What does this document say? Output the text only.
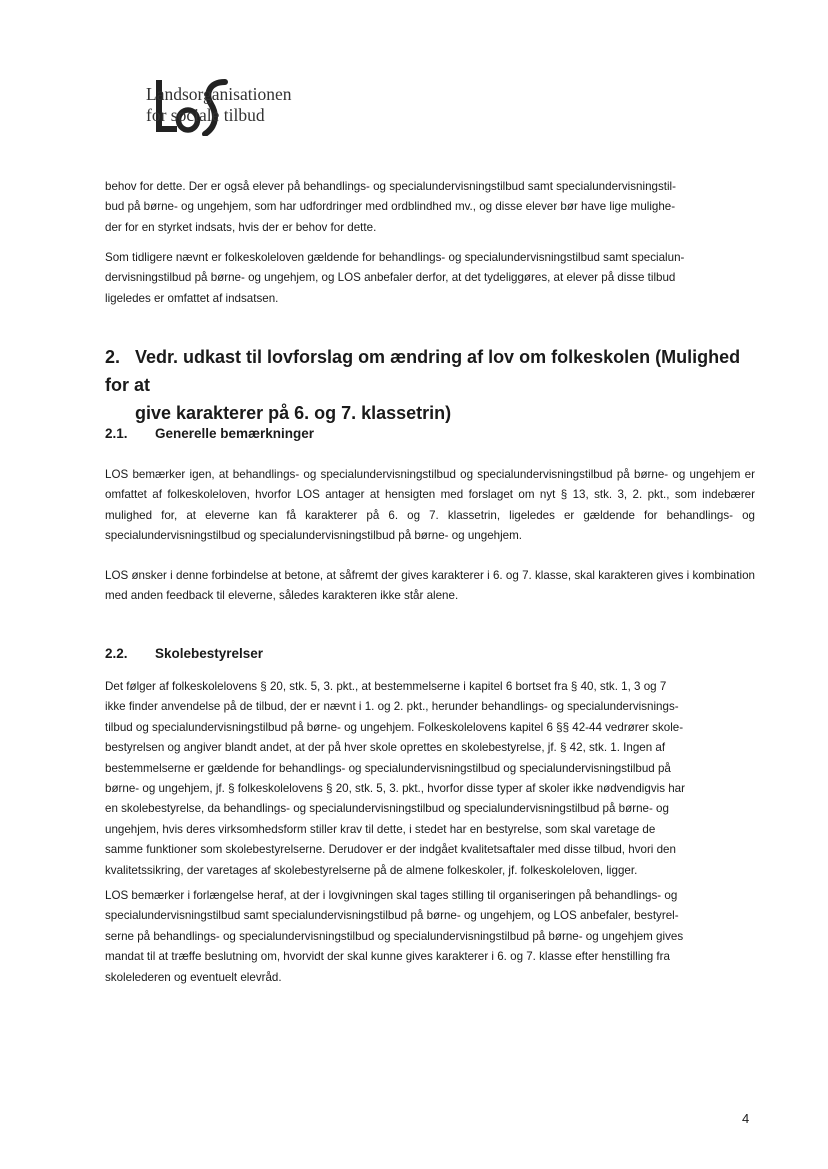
Landsorganisationen
for sociale tilbud
behov for dette. Der er også elever på behandlings- og specialundervisningstilbud samt specialundervisningstil-
bud på børne- og ungehjem, som har udfordringer med ordblindhed mv., og disse elever bør have lige mulighe-
der for en styrket indsats, hvis der er behov for dette.
Som tidligere nævnt er folkeskoleloven gældende for behandlings- og specialundervisningstilbud samt specialun-
dervisningstilbud på børne- og ungehjem, og LOS anbefaler derfor, at det tydeliggøres, at elever på disse tilbud
ligeledes er omfattet af indsatsen.
2. Vedr. udkast til lovforslag om ændring af lov om folkeskolen (Mulighed for at
give karakterer på 6. og 7. klassetrin)
2.1. Generelle bemærkninger

LOS bemærker igen, at behandlings- og specialundervisningstilbud og specialundervisningstilbud på børne- og ungehjem er omfattet af folkeskoleloven, hvorfor LOS antager at hensigten med forslaget om nyt § 13, stk. 3, 2. pkt., som indebærer mulighed for, at eleverne kan få karakterer på 6. og 7. klassetrin, ligeledes er gældende for behandlings- og specialundervisningstilbud og specialundervisningstilbud på børne- og ungehjem.

LOS ønsker i denne forbindelse at betone, at såfremt der gives karakterer i 6. og 7. klasse, skal karakteren gives i kombination med anden feedback til eleverne, således karakteren ikke står alene.

2.2. Skolebestyrelser
Det følger af folkeskolelovens § 20, stk. 5, 3. pkt., at bestemmelserne i kapitel 6 bortset fra § 40, stk. 1, 3 og 7
ikke finder anvendelse på de tilbud, der er nævnt i 1. og 2. pkt., herunder behandlings- og specialundervisnings-
tilbud og specialundervisningstilbud på børne- og ungehjem. Folkeskolelovens kapitel 6 §§ 42-44 vedrører skole-
bestyrelsen og angiver blandt andet, at der på hver skole oprettes en skolebestyrelse, jf. § 42, stk. 1. Ingen af
bestemmelserne er gældende for behandlings- og specialundervisningstilbud og specialundervisningstilbud på
børne- og ungehjem, jf. § folkeskolelovens § 20, stk. 5, 3. pkt., hvorfor disse typer af skoler ikke nødvendigvis har
en skolebestyrelse, da behandlings- og specialundervisningstilbud og specialundervisningstilbud på børne- og
ungehjem, hvis deres virksomhedsform stiller krav til dette, i stedet har en bestyrelse, som skal varetage de
samme funktioner som skolebestyrelserne. Derudover er der indgået kvalitetsaftaler med disse tilbud, hvori den
kvalitetssikring, der varetages af skolebestyrelserne på de almene folkeskoler, jf. folkeskoleloven, ligger.
LOS bemærker i forlængelse heraf, at der i lovgivningen skal tages stilling til organiseringen på behandlings- og
specialundervisningstilbud samt specialundervisningstilbud på børne- og ungehjem, og LOS anbefaler, bestyrel-
serne på behandlings- og specialundervisningstilbud og specialundervisningstilbud på børne- og ungehjem gives
mandat til at træffe beslutning om, hvorvidt der skal kunne gives karakterer i 6. og 7. klasse efter henstilling fra
skolelederen og eventuelt elevråd.
4
